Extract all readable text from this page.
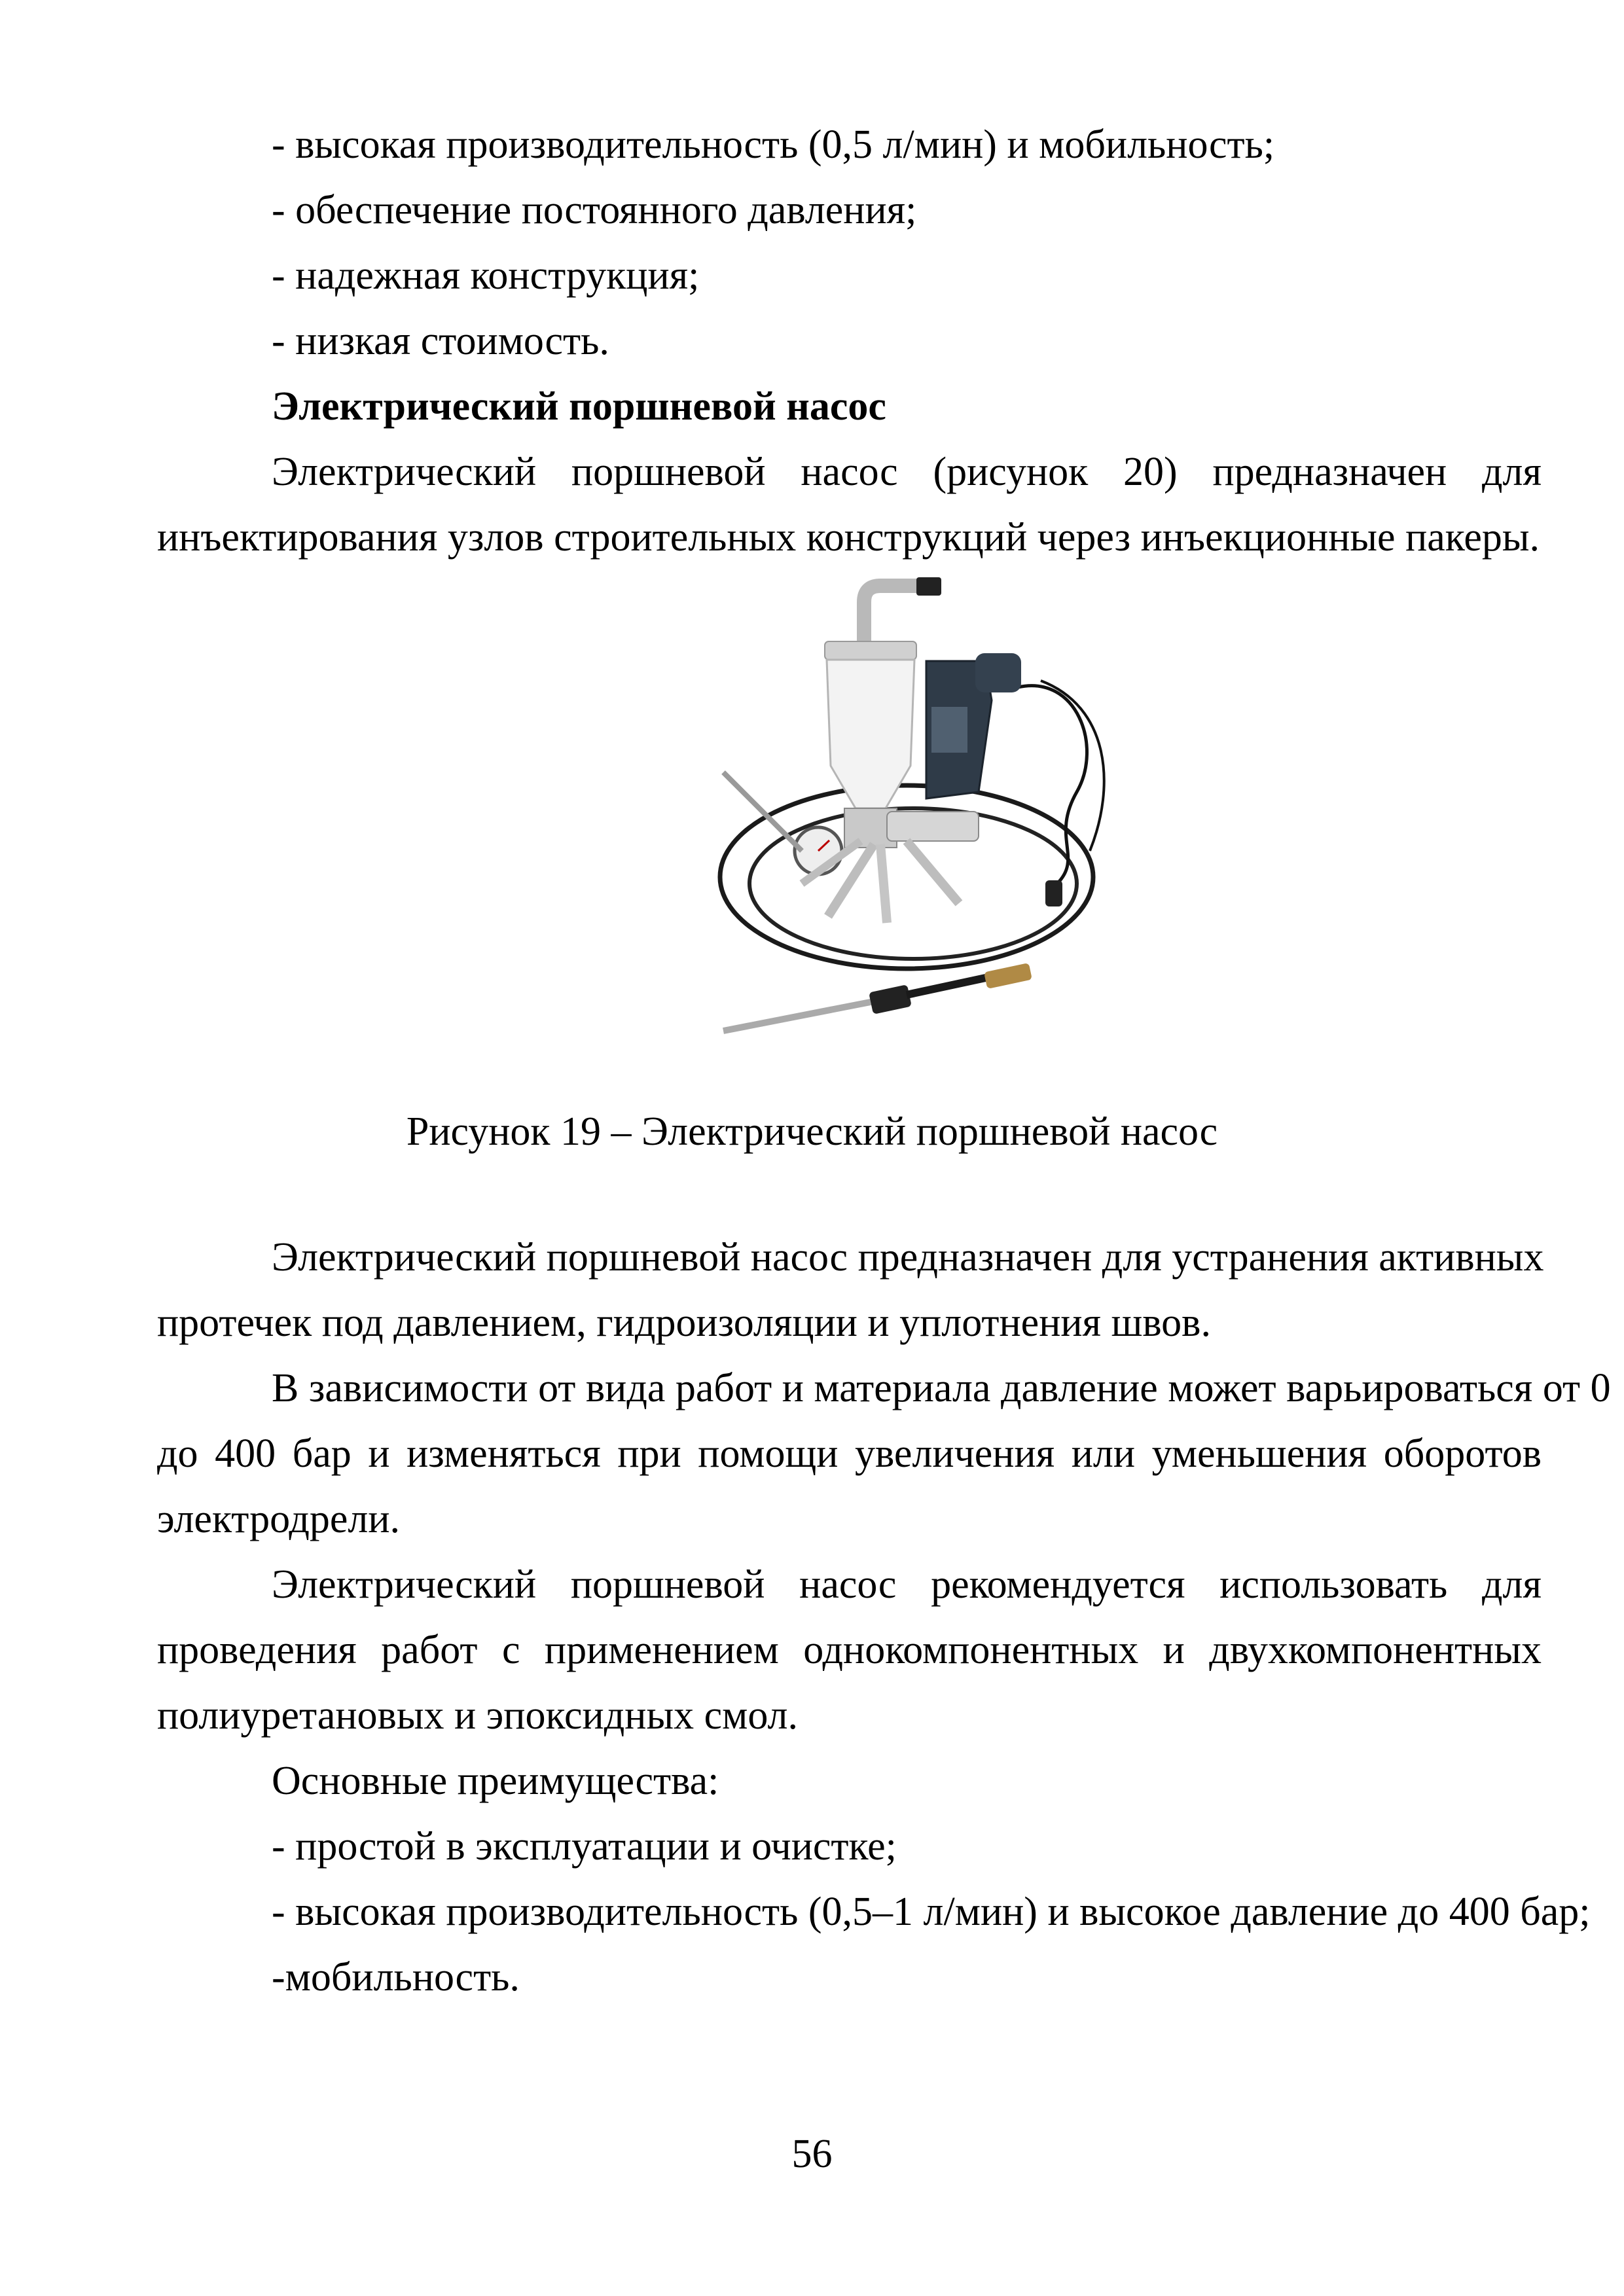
- высокая производительность (0,5 л/мин) и мобильность;
- обеспечение постоянного давления;
- надежная конструкция;
- низкая стоимость.
Электрический поршневой насос
Электрический поршневой насос (рисунок 20) предназначен для
инъектирования узлов строительных конструкций через инъекционные пакеры.
Рисунок 19 – Электрический поршневой насос
Электрический поршневой насос предназначен для устранения активных
протечек под давлением, гидроизоляции и уплотнения швов.
В зависимости от вида работ и материала давление может варьироваться от 0
до 400 бар и изменяться при помощи увеличения или уменьшения оборотов
электродрели.
Электрический поршневой насос рекомендуется использовать для
проведения работ с применением однокомпонентных и двухкомпонентных
полиуретановых и эпоксидных смол.
Основные преимущества:
- простой в эксплуатации и очистке;
- высокая производительность (0,5–1 л/мин) и высокое давление до 400 бар;
-мобильность.
56
